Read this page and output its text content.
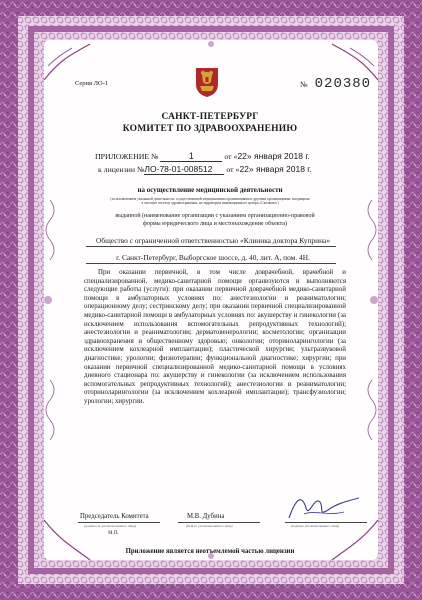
Серия ЛО-1	№ 020380
САНКТ-ПЕТЕРБУРГ
КОМИТЕТ ПО ЗДРАВООХРАНЕНИЮ
ПРИЛОЖЕНИЕ №	1	от «22» января 2018 г.
к лицензии №ЛО-78-01-008512 от «22» января 2018 г.
на осуществление медицинской деятельности
(за исключением указанной деятельности, осуществляемой медицинскими организациями и другими организациями, входящими в частную систему здравоохранения, на территории инновационного центра «Сколково»)
выданной (наименование организации с указанием организационно-правовой формы юридического лица и местонахождение объекта)
Общество с ограниченной ответственностью «Клиника доктора Куприна»
г. Санкт-Петербург, Выборгское шоссе, д. 40, лит. А, пом. 4Н.
При оказании первичной, в том числе доврачебной, врачебной и специализированной, медико-санитарной помощи организуются и выполняются следующие работы (услуги): при оказании первичной доврачебной медико-санитарной помощи в амбулаторных условиях по: анестезиологии и реаниматологии; операционному делу; сестринскому делу; при оказании первичной специализированной медико-санитарной помощи в амбулаторных условиях по: акушерству и гинекологии (за исключением использования вспомогательных репродуктивных технологий); анестезиологии и реаниматологии; дерматовенерологии; косметологии; организации здравоохранения и общественному здоровью; онкологии; оториноларингологии (за исключением кохлеарной имплантации); пластической хирургии; ультразвуковой диагностике; урологии; физиотерапии; функциональной диагностике; хирургии; при оказании первичной специализированной медико-санитарной помощи в условиях дневного стационара по: акушерству и гинекологии (за исключением использования вспомогательных репродуктивных технологий); анестезиологии и реаниматологии; оториноларингологии (за исключением кохлеарной имплантации); трансфузиологии; урологии; хирургии.
Председатель Комитета	М.В. Дубина
(должность уполномоченного лица)	(Ф.И.О. уполномоченного лица)	(подпись уполномоченного лица)
М.П.
Приложение является неотъемлемой частью лицензии
© АО «ОПЕЧАТЬ» (Печатная фабрика М.И. Агаянцева), г. Москва, 2017 г., «Б», Лицензия № 05-05-09/006 ФНС России, тел. (495) 726-4742, www.opcat.ru
